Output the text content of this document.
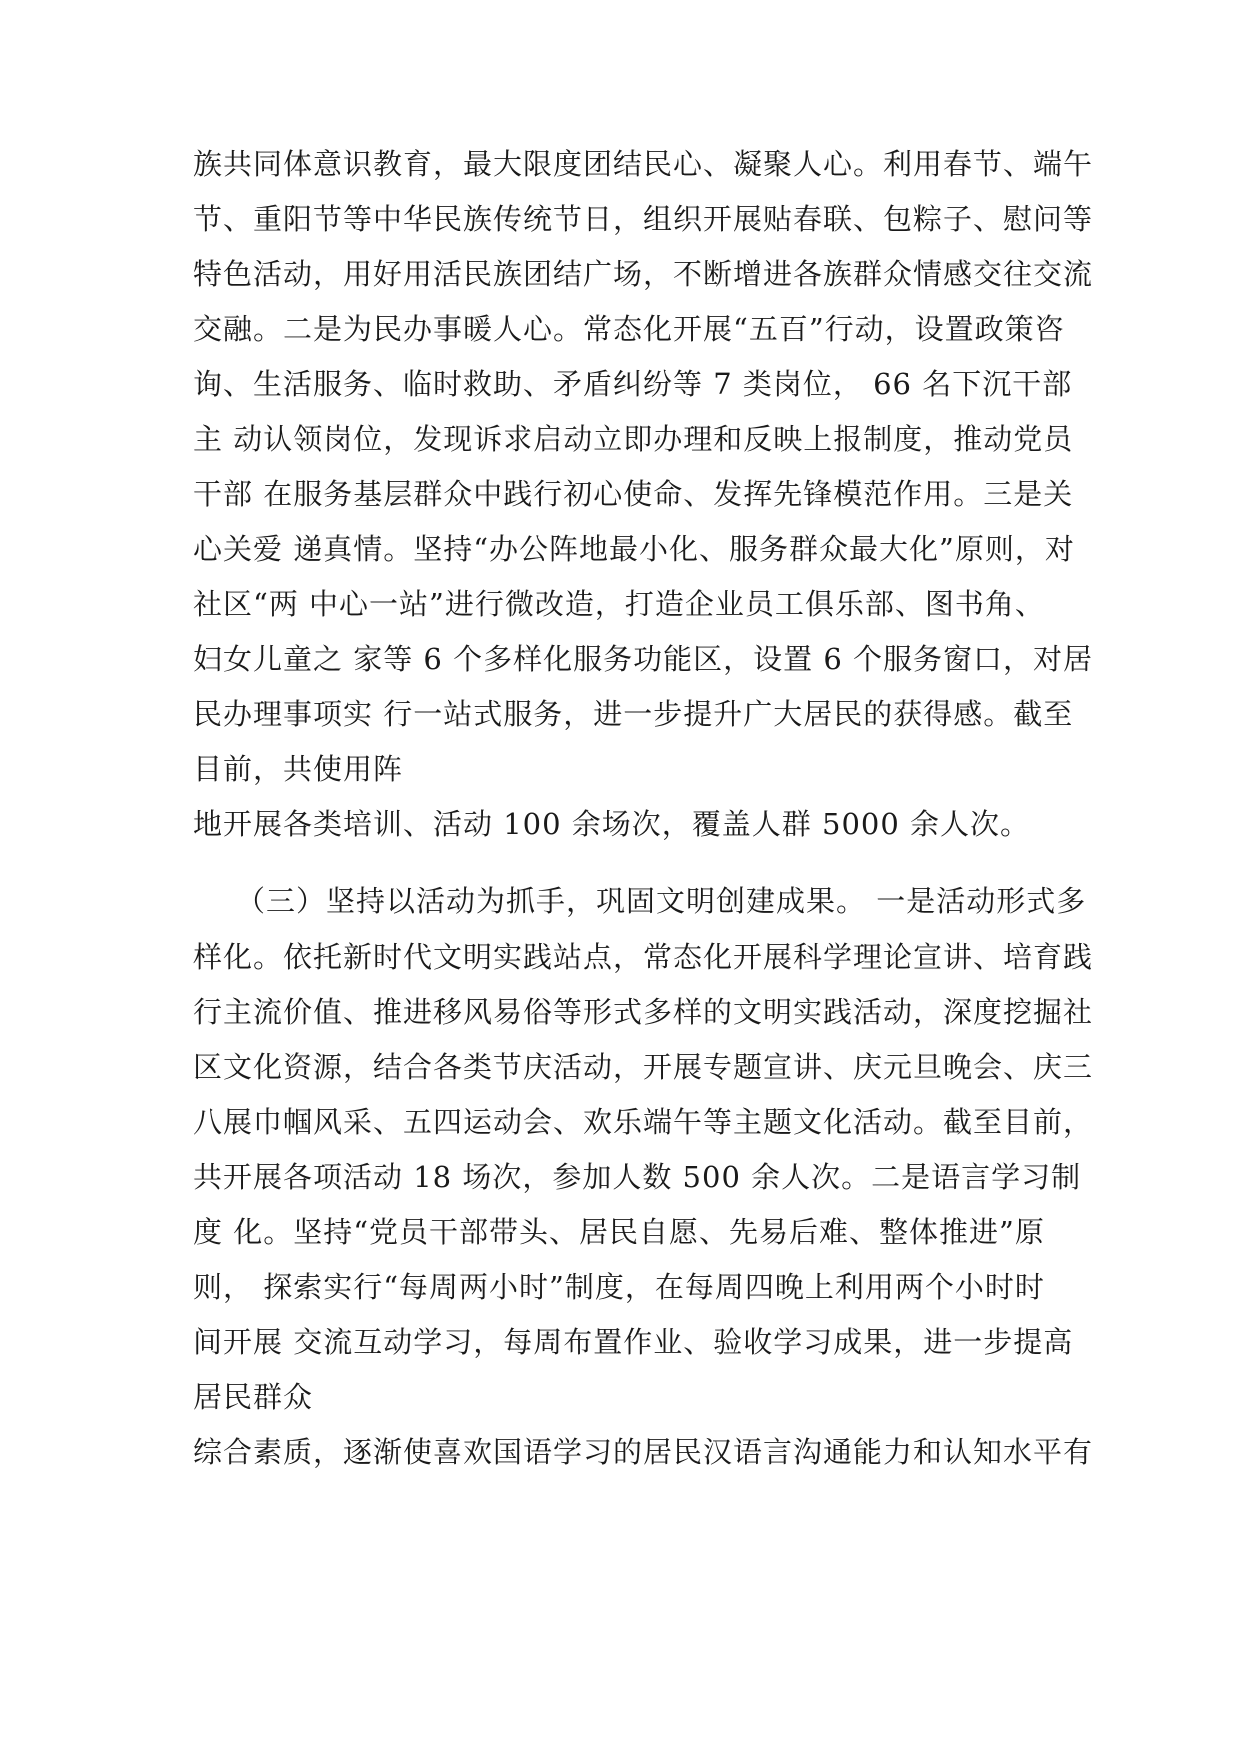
族共同体意识教育，最大限度团结民心、凝聚人心。利用春节、端午
节、重阳节等中华民族传统节日，组织开展贴春联、包粽子、慰问等
特色活动，用好用活民族团结广场，不断增进各族群众情感交往交流
交融。二是为民办事暖人心。常态化开展“五百”行动，设置政策咨
询、生活服务、临时救助、矛盾纠纷等 7 类岗位， 66 名下沉干部
主 动认领岗位，发现诉求启动立即办理和反映上报制度，推动党员
干部 在服务基层群众中践行初心使命、发挥先锋模范作用。三是关
心关爱 递真情。坚持“办公阵地最小化、服务群众最大化”原则，对
社区“两 中心一站”进行微改造，打造企业员工俱乐部、图书角、
妇女儿童之 家等 6 个多样化服务功能区，设置 6 个服务窗口，对居
民办理事项实 行一站式服务，进一步提升广大居民的获得感。截至
目前，共使用阵
地开展各类培训、活动 100 余场次，覆盖人群 5000 余人次。
（三）坚持以活动为抓手，巩固文明创建成果。 一是活动形式多
样化。依托新时代文明实践站点，常态化开展科学理论宣讲、培育践
行主流价值、推进移风易俗等形式多样的文明实践活动，深度挖掘社
区文化资源，结合各类节庆活动，开展专题宣讲、庆元旦晚会、庆三
八展巾帼风采、五四运动会、欢乐端午等主题文化活动。截至目前，
共开展各项活动 18 场次，参加人数 500 余人次。二是语言学习制
度 化。坚持“党员干部带头、居民自愿、先易后难、整体推进”原
则， 探索实行“每周两小时”制度，在每周四晚上利用两个小时时
间开展 交流互动学习，每周布置作业、验收学习成果，进一步提高
居民群众
综合素质，逐渐使喜欢国语学习的居民汉语言沟通能力和认知水平有
